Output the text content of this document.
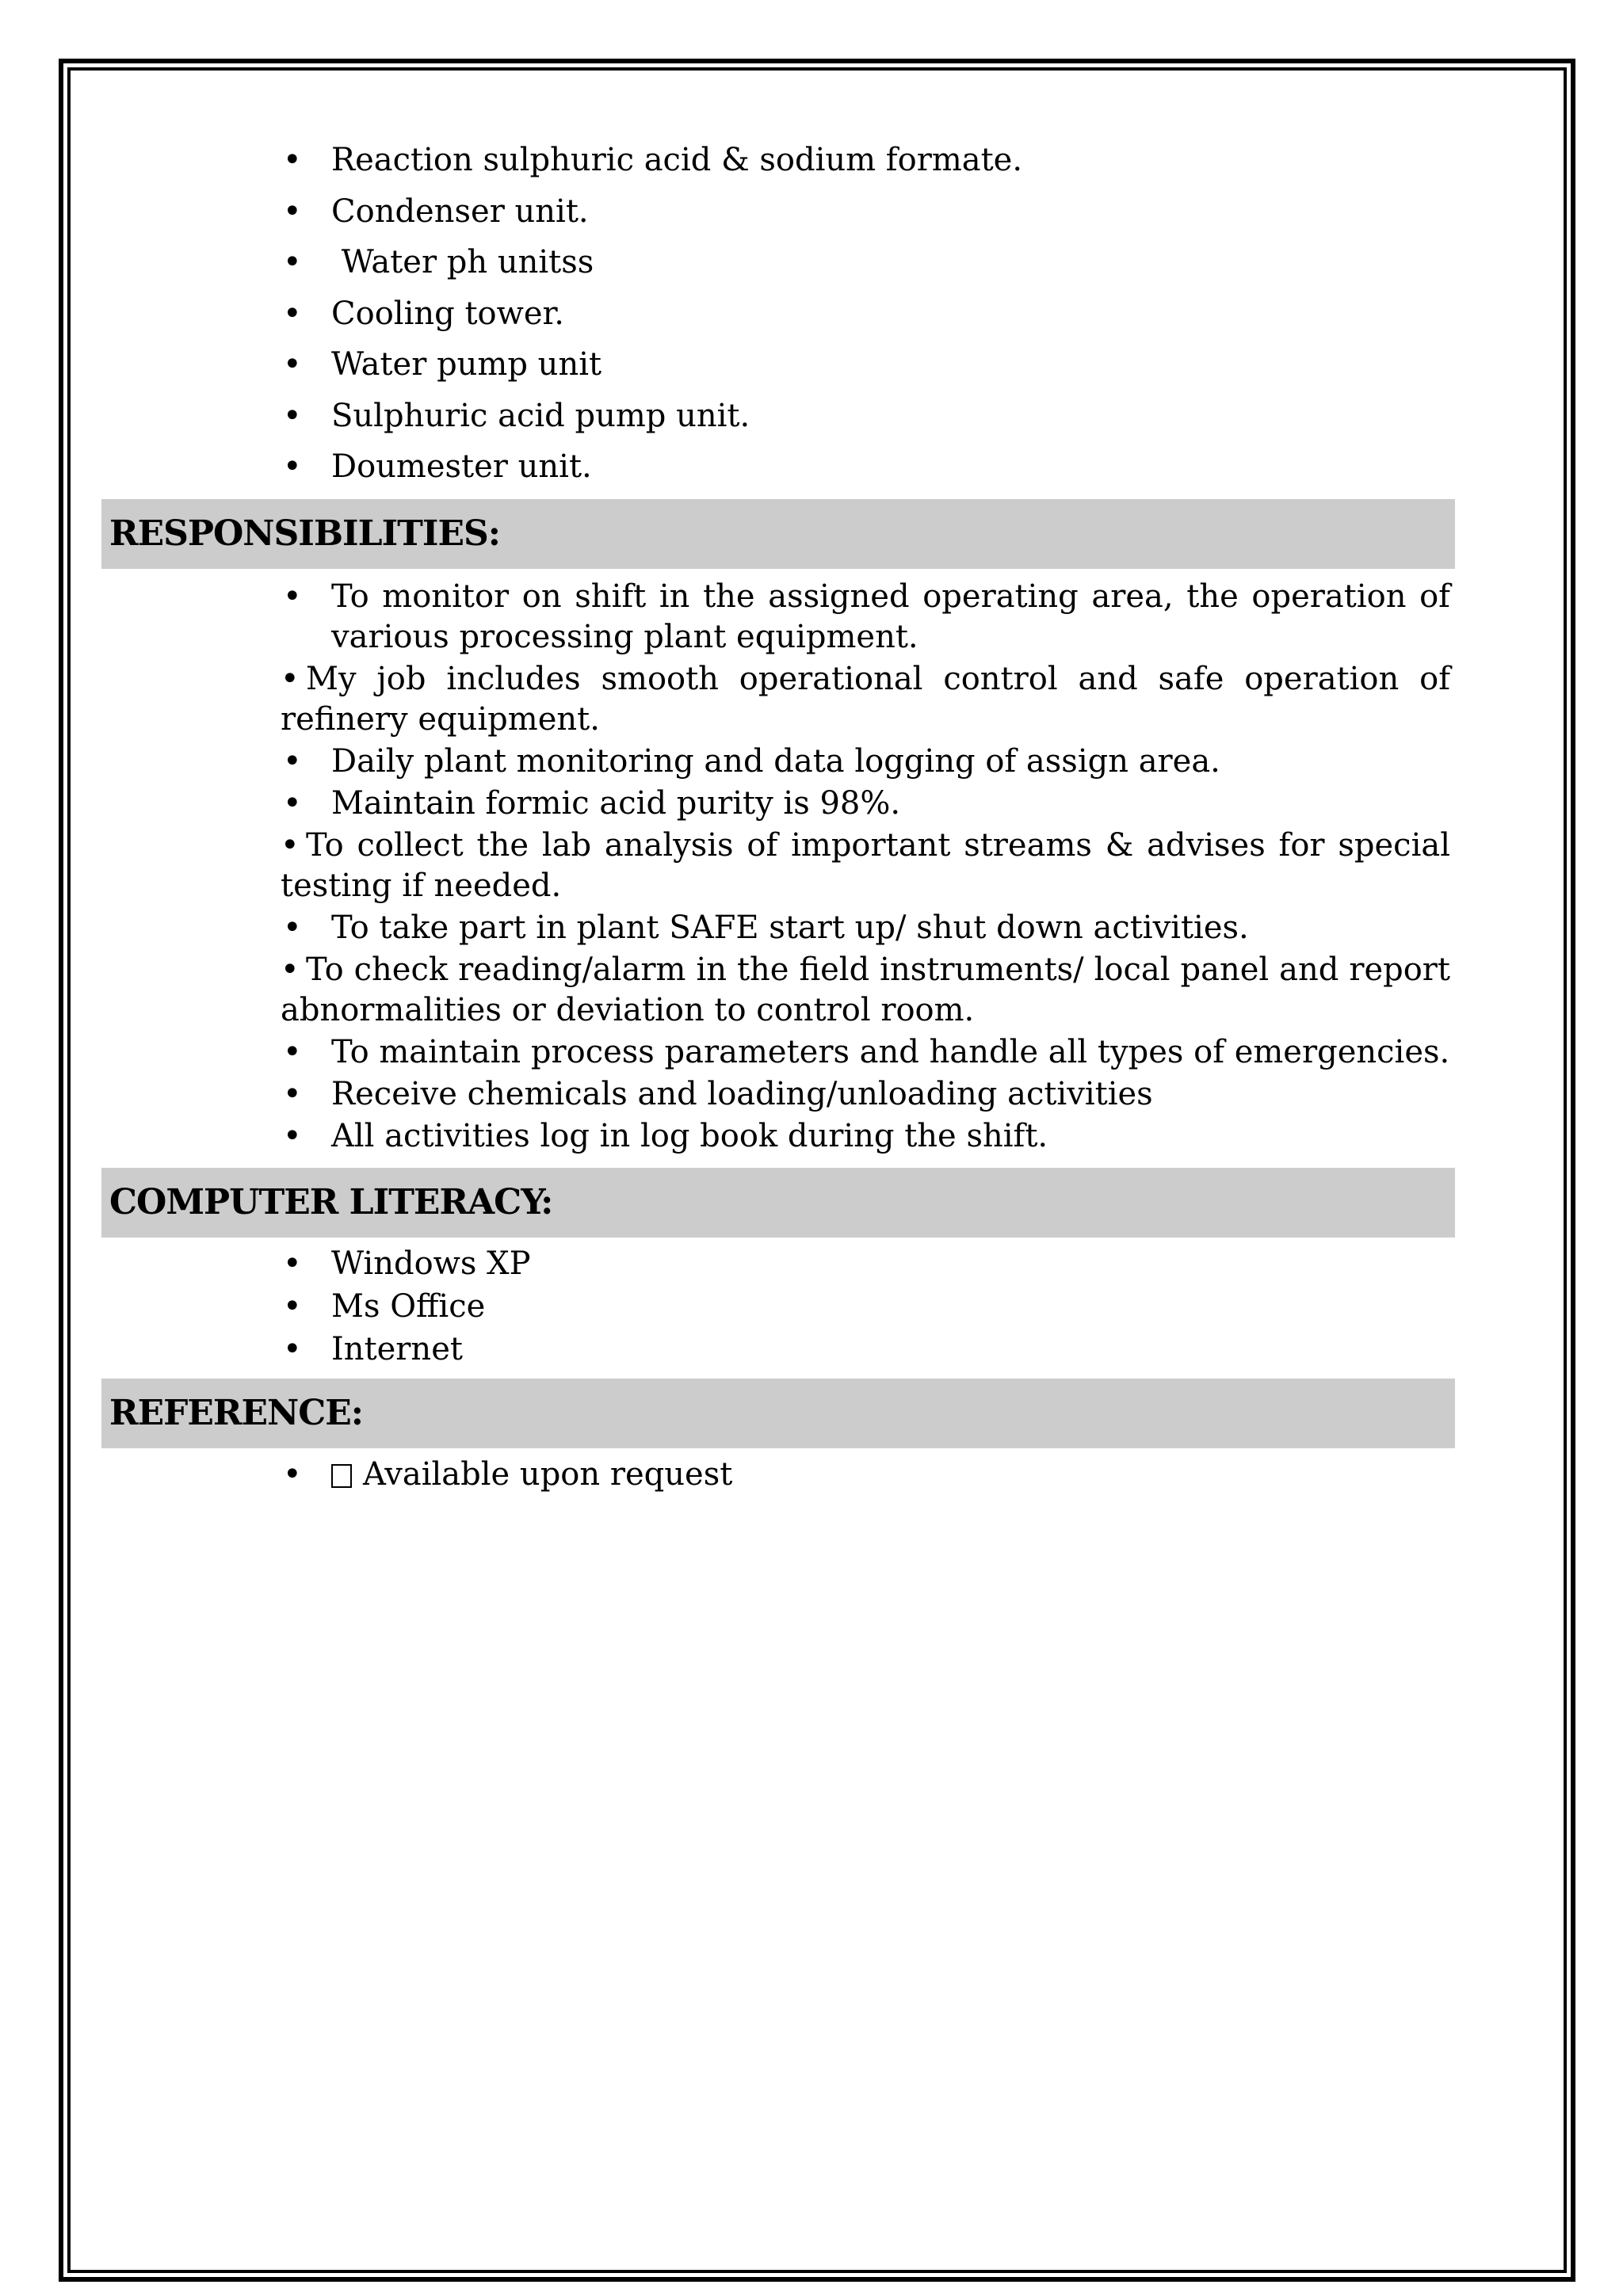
• Reaction sulphuric acid & sodium formate.
• Condenser unit.
• Water ph unitss
• Cooling tower.
• Water pump unit
• Sulphuric acid pump unit.
• Doumester unit.
RESPONSIBILITIES:
• To monitor on shift in the assigned operating area, the operation of various processing plant equipment.
• My job includes smooth operational control and safe operation of refinery equipment.
• Daily plant monitoring and data logging of assign area.
• Maintain formic acid purity is 98%.
• To collect the lab analysis of important streams & advises for special testing if needed.
• To take part in plant SAFE start up/ shut down activities.
• To check reading/alarm in the field instruments/ local panel and report abnormalities or deviation to control room.
• To maintain process parameters and handle all types of emergencies.
• Receive chemicals and loading/unloading activities
• All activities log in log book during the shift.
COMPUTER LITERACY:
• Windows XP
• Ms Office
• Internet
REFERENCE:
•	Available upon request
